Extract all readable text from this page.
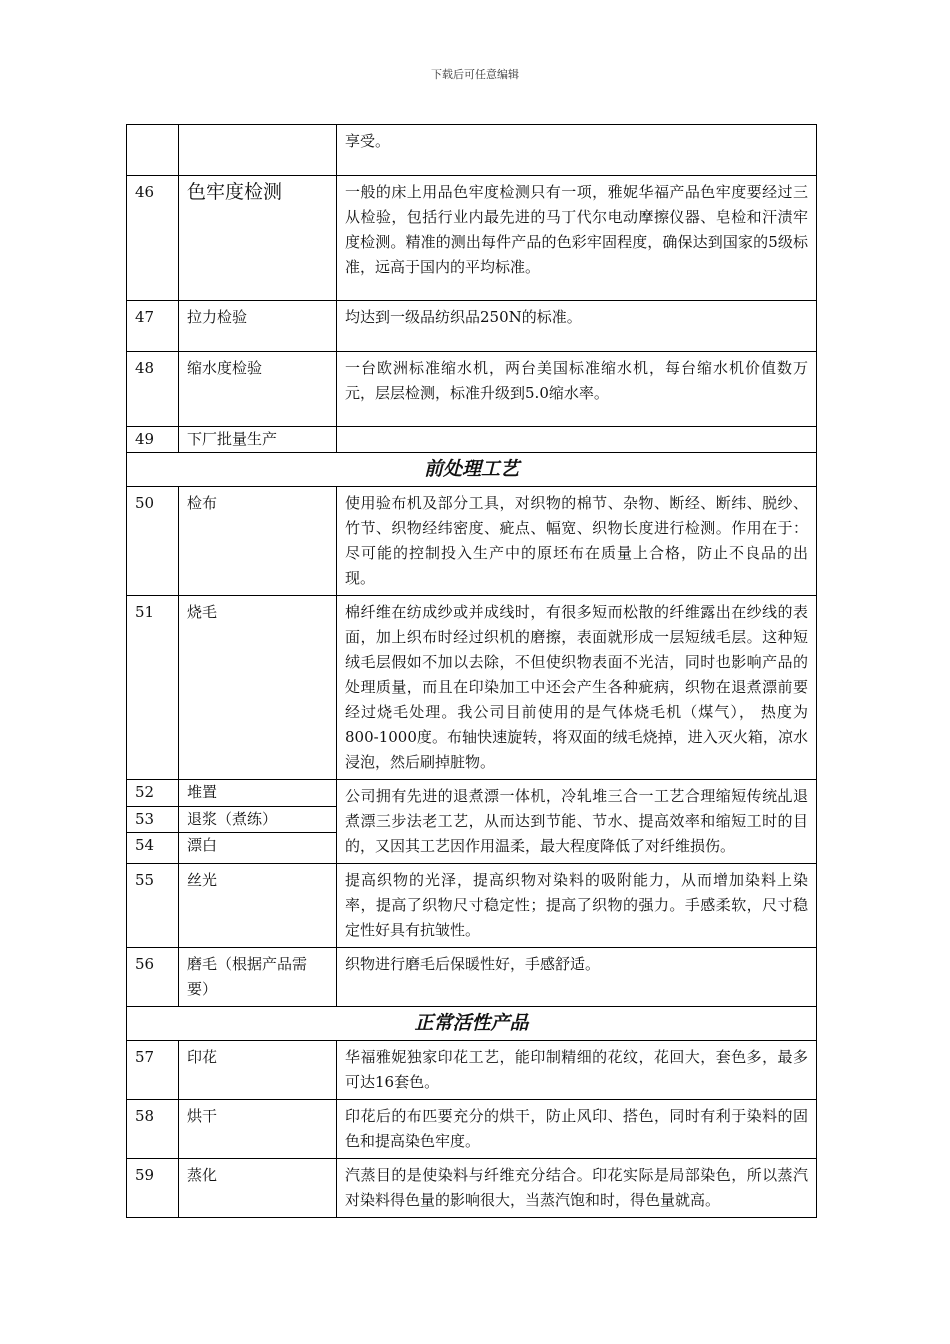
下载后可任意编辑
		享受。
46	色牢度检测	一般的床上用品色牢度检测只有一项，雅妮华福产品色牢度要经过三从检验，包括行业内最先进的马丁代尔电动摩擦仪器、皂检和汗渍牢度检测。精准的测出每件产品的色彩牢固程度，确保达到国家的5级标准，远高于国内的平均标准。
47	拉力检验	均达到一级品纺织品250N的标准。
48	缩水度检验	一台欧洲标准缩水机，两台美国标准缩水机，每台缩水机价值数万元，层层检测，标准升级到5.0缩水率。
49	下厂批量生产	
前处理工艺		
50	检布	使用验布机及部分工具，对织物的棉节、杂物、断经、断纬、脱纱、竹节、织物经纬密度、疵点、幅宽、织物长度进行检测。作用在于：尽可能的控制投入生产中的原坯布在质量上合格，防止不良品的出现。
51	烧毛	棉纤维在纺成纱或并成线时，有很多短而松散的纤维露出在纱线的表面，加上织布时经过织机的磨擦，表面就形成一层短绒毛层。这种短绒毛层假如不加以去除，不但使织物表面不光洁，同时也影响产品的处理质量，而且在印染加工中还会产生各种疵病，织物在退煮漂前要经过烧毛处理。我公司目前使用的是气体烧毛机（煤气）， 热度为800-1000度。布轴快速旋转，将双面的绒毛烧掉，进入灭火箱，凉水浸泡，然后刷掉脏物。
52	堆置	公司拥有先进的退煮漂一体机，冷轧堆三合一工艺合理缩短传统乩退煮漂三步法老工艺，从而达到节能、节水、提高效率和缩短工时的目的，又因其工艺因作用温柔，最大程度降低了对纤维损伤。
53	退浆（煮练）	
54	漂白	
55	丝光	提高织物的光泽，提高织物对染料的吸附能力，从而增加染料上染率，提高了织物尺寸稳定性；提高了织物的强力。手感柔软，尺寸稳定性好具有抗皱性。
56	磨毛（根据产品需要）	织物进行磨毛后保暖性好，手感舒适。
正常活性产品		
57	印花	华福雅妮独家印花工艺，能印制精细的花纹，花回大，套色多，最多可达16套色。
58	烘干	印花后的布匹要充分的烘干，防止风印、搭色，同时有利于染料的固色和提高染色牢度。
59	蒸化	汽蒸目的是使染料与纤维充分结合。印花实际是局部染色，所以蒸汽对染料得色量的影响很大，当蒸汽饱和时，得色量就高。
